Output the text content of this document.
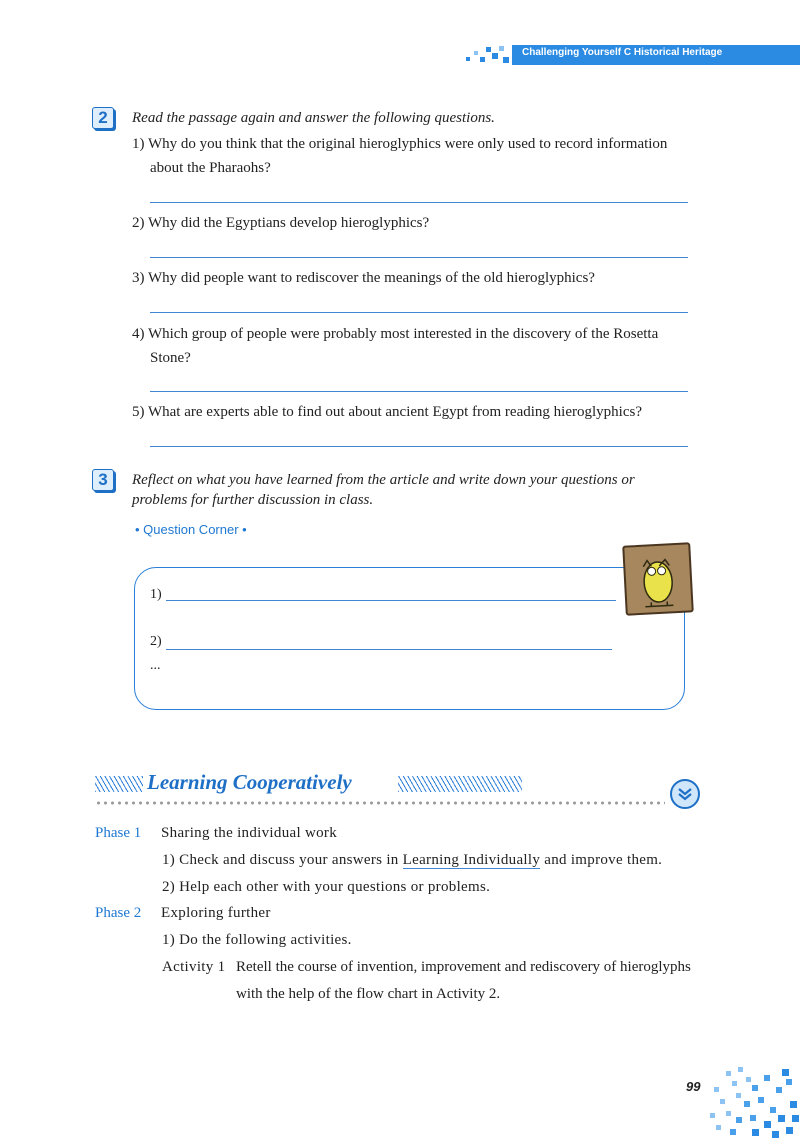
Challenging Yourself C Historical Heritage
2	Read the passage again and answer the following questions.
1) Why do you think that the original hieroglyphics were only used to record information
about the Pharaohs?
2) Why did the Egyptians develop hieroglyphics?
3) Why did people want to rediscover the meanings of the old hieroglyphics?
4) Which group of people were probably most interested in the discovery of the Rosetta
Stone?
5) What are experts able to find out about ancient Egypt from reading hieroglyphics?
3	Reflect on what you have learned from the article and write down your questions or
problems for further discussion in class.
• Question Corner •
1)
2)
...
Learning Cooperatively
Phase 1 Sharing the individual work
1) Check and discuss your answers in Learning Individually and improve them.
2) Help each other with your questions or problems.
Phase 2 Exploring further
1) Do the following activities.
Activity 1 Retell the course of invention, improvement and rediscovery of hieroglyphs
with the help of the flow chart in Activity 2.
99
